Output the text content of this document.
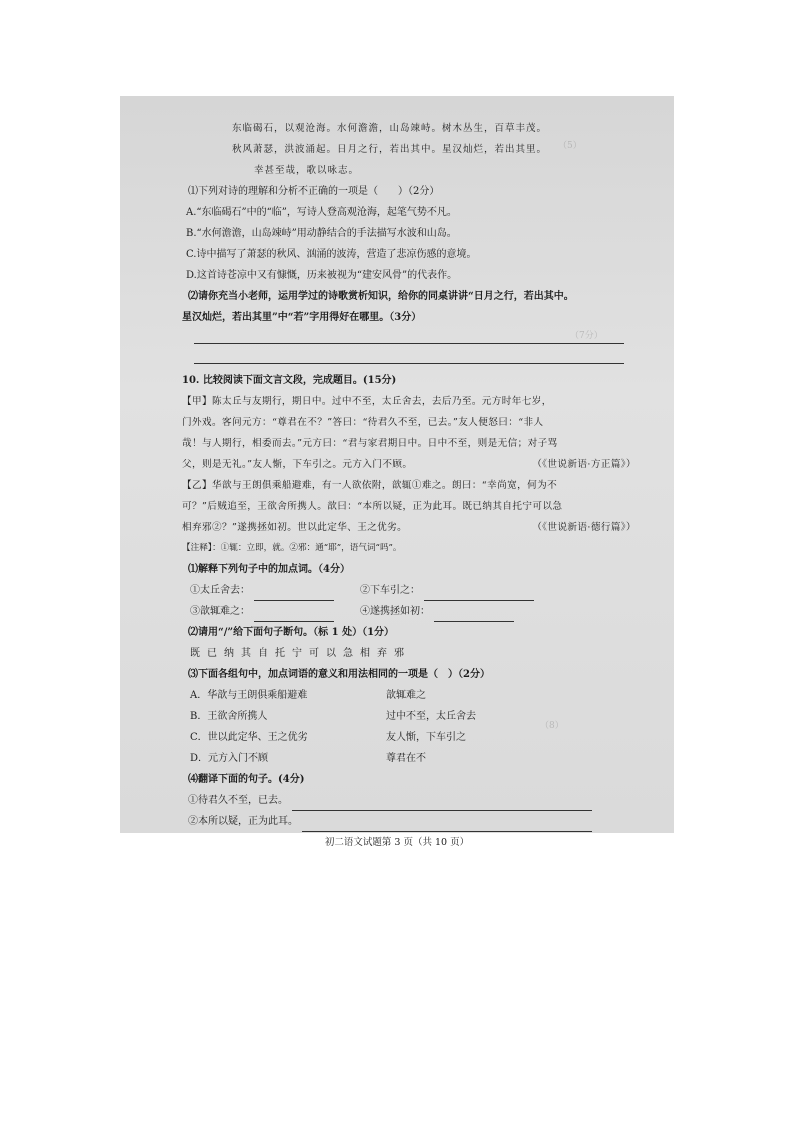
（5）
（7分）
（8）

东临碣石，以观沧海。水何澹澹，山岛竦峙。树木丛生，百草丰茂。

秋风萧瑟，洪波涌起。日月之行，若出其中。星汉灿烂，若出其里。

幸甚至哉，歌以咏志。

⑴下列对诗的理解和分析不正确的一项是（　　）（2分）

A.“东临碣石”中的“临”，写诗人登高观沧海，起笔气势不凡。

B.“水何澹澹，山岛竦峙”用动静结合的手法描写水波和山岛。

C.诗中描写了萧瑟的秋风、汹涌的波涛，营造了悲凉伤感的意境。

D.这首诗苍凉中又有慷慨，历来被视为“建安风骨”的代表作。

⑵请你充当小老师，运用学过的诗歌赏析知识，给你的同桌讲讲“日月之行，若出其中。

星汉灿烂，若出其里”中“若”字用得好在哪里。（3分）

10. 比较阅读下面文言文段，完成题目。(15分)

【甲】陈太丘与友期行，期日中。过中不至，太丘舍去，去后乃至。元方时年七岁，

门外戏。客问元方：“尊君在不？”答曰：“待君久不至，已去。”友人便怒曰：“非人

哉！与人期行，相委而去。”元方曰：“君与家君期日中。日中不至，则是无信；对子骂

父，则是无礼。”友人惭，下车引之。元方入门不顾。	（《世说新语·方正篇》）

【乙】华歆与王朗俱乘船避难，有一人欲依附，歆辄①难之。朗曰：“幸尚宽，何为不

可？”后贼追至，王欲舍所携人。歆曰：“本所以疑，正为此耳。既已纳其自托宁可以急

相弃邪②？”遂携拯如初。世以此定华、王之优劣。	（《世说新语·德行篇》）

【注释】：①辄：立即，就。②邪：通“耶”，语气词“吗”。

⑴解释下列句子中的加点词。（4分）

①太丘舍去：	②下车引之：
③歆辄难之：	④遂携拯如初：

⑵请用“/”给下面句子断句。（标 1 处）（1分）

既已纳其自托宁可以急相弃邪

⑶下面各组句中，加点词语的意义和用法相同的一项是（　）（2分）

A．华歆与王朗俱乘船避难	歆辄难之
B．王欲舍所携人	过中不至，太丘舍去
C．世以此定华、王之优劣	友人惭，下车引之
D．元方入门不顾	尊君在不

⑷翻译下面的句子。(4分)

①待君久不至，已去。

②本所以疑，正为此耳。

初二语文试题第 3 页（共 10 页）
